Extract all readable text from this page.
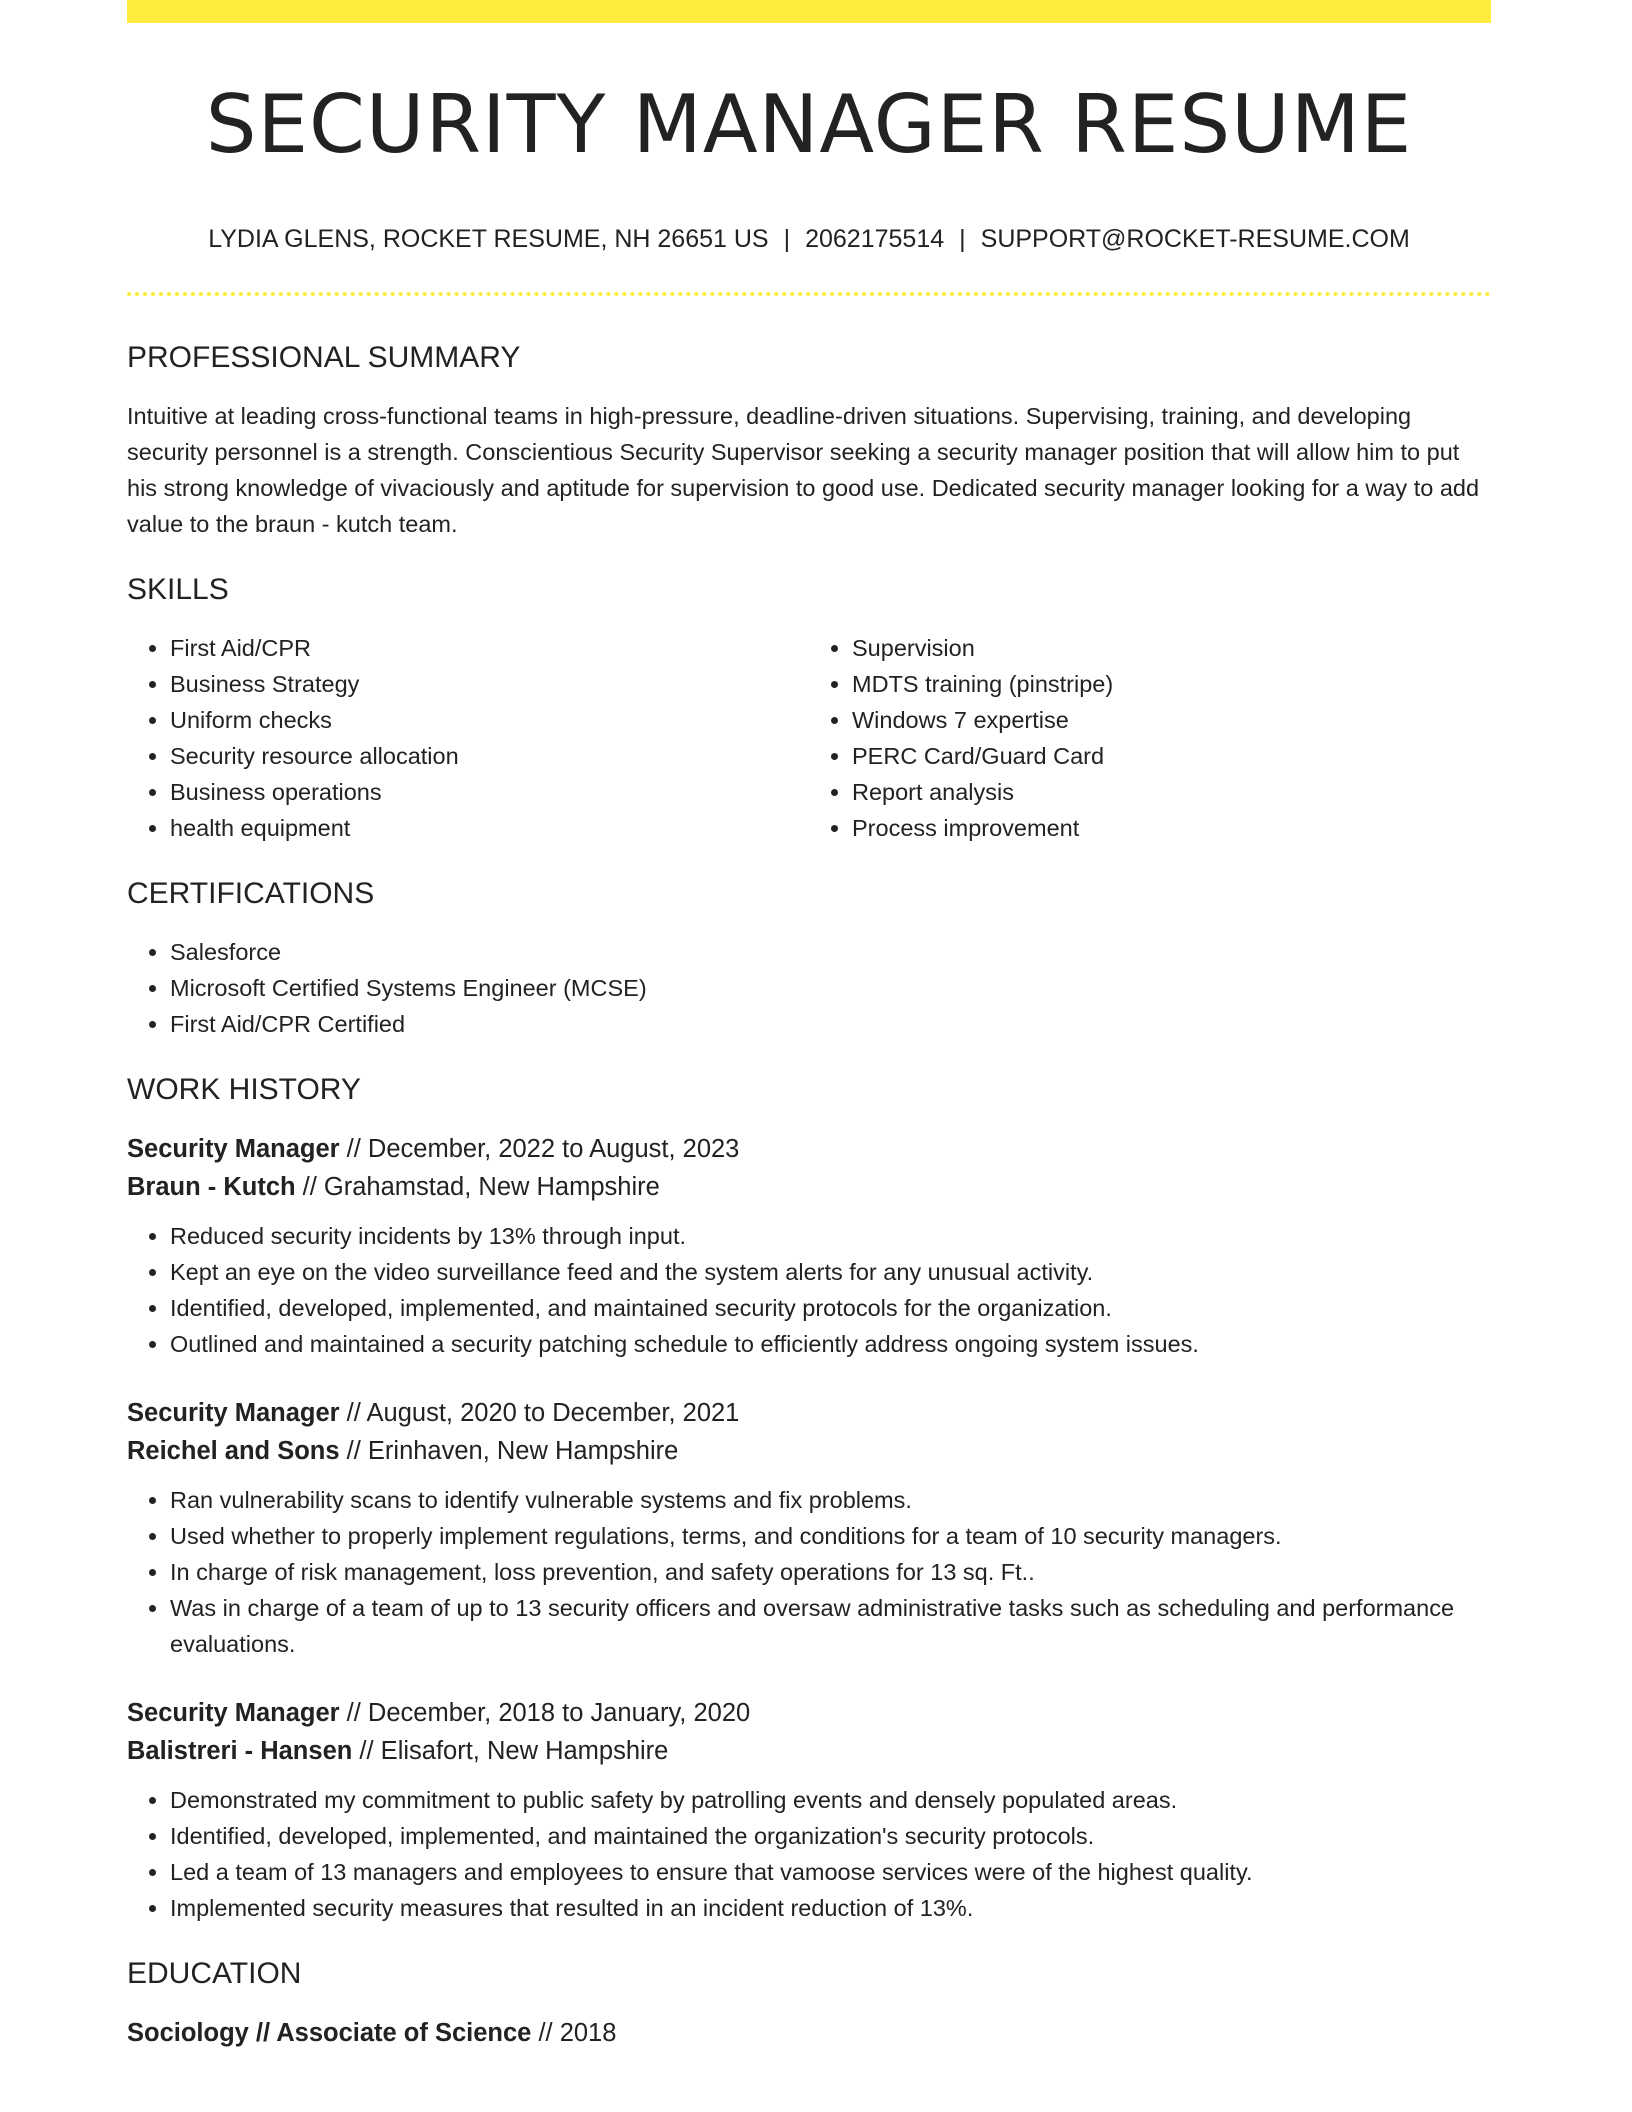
SECURITY MANAGER RESUME
LYDIA GLENS, ROCKET RESUME, NH 26651 US | 2062175514 | SUPPORT@ROCKET-RESUME.COM
PROFESSIONAL SUMMARY
Intuitive at leading cross-functional teams in high-pressure, deadline-driven situations. Supervising, training, and developing security personnel is a strength. Conscientious Security Supervisor seeking a security manager position that will allow him to put his strong knowledge of vivaciously and aptitude for supervision to good use. Dedicated security manager looking for a way to add value to the braun - kutch team.
SKILLS
• First Aid/CPR
• Business Strategy
• Uniform checks
• Security resource allocation
• Business operations
• health equipment
• Supervision
• MDTS training (pinstripe)
• Windows 7 expertise
• PERC Card/Guard Card
• Report analysis
• Process improvement
CERTIFICATIONS
• Salesforce
• Microsoft Certified Systems Engineer (MCSE)
• First Aid/CPR Certified
WORK HISTORY
Security Manager // December, 2022 to August, 2023
Braun - Kutch // Grahamstad, New Hampshire
• Reduced security incidents by 13% through input.
• Kept an eye on the video surveillance feed and the system alerts for any unusual activity.
• Identified, developed, implemented, and maintained security protocols for the organization.
• Outlined and maintained a security patching schedule to efficiently address ongoing system issues.
Security Manager // August, 2020 to December, 2021
Reichel and Sons // Erinhaven, New Hampshire
• Ran vulnerability scans to identify vulnerable systems and fix problems.
• Used whether to properly implement regulations, terms, and conditions for a team of 10 security managers.
• In charge of risk management, loss prevention, and safety operations for 13 sq. Ft..
• Was in charge of a team of up to 13 security officers and oversaw administrative tasks such as scheduling and performance evaluations.
Security Manager // December, 2018 to January, 2020
Balistreri - Hansen // Elisafort, New Hampshire
• Demonstrated my commitment to public safety by patrolling events and densely populated areas.
• Identified, developed, implemented, and maintained the organization's security protocols.
• Led a team of 13 managers and employees to ensure that vamoose services were of the highest quality.
• Implemented security measures that resulted in an incident reduction of 13%.
EDUCATION
Sociology // Associate of Science // 2018
